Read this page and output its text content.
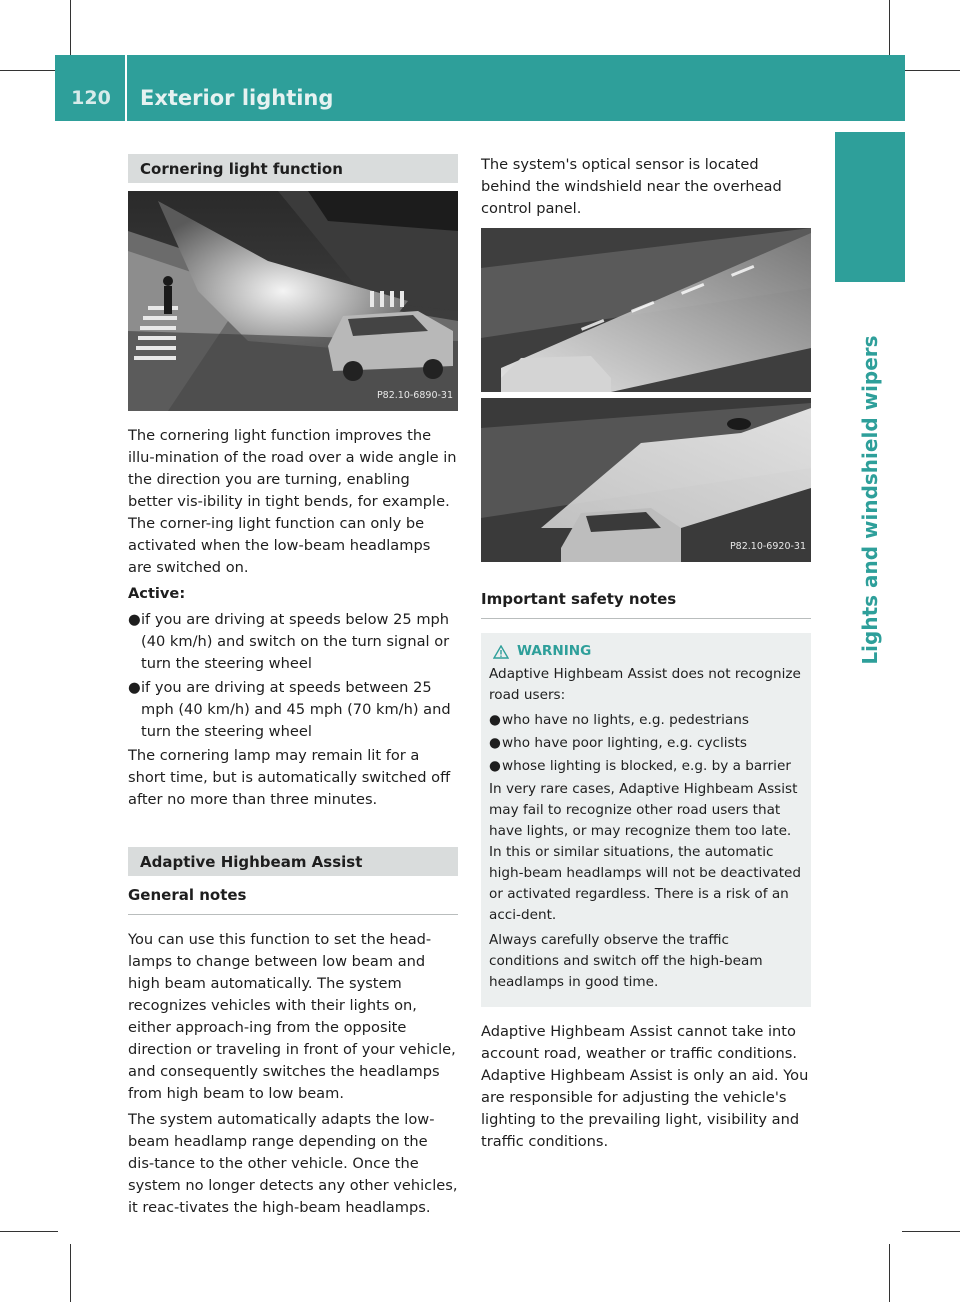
120	Exterior lighting
Lights and windshield wipers
Cornering light function
P82.10-6890-31

The cornering light function improves the illu-mination of the road over a wide angle in the direction you are turning, enabling better vis-ibility in tight bends, for example. The corner-ing light function can only be activated when the low-beam headlamps are switched on.

Active:

● if you are driving at speeds below 25 mph (40 km/h) and switch on the turn signal or turn the steering wheel
● if you are driving at speeds between 25 mph (40 km/h) and 45 mph (70 km/h) and turn the steering wheel

The cornering lamp may remain lit for a short time, but is automatically switched off after no more than three minutes.

Adaptive Highbeam Assist
General notes

You can use this function to set the head-lamps to change between low beam and high beam automatically. The system recognizes vehicles with their lights on, either approach-ing from the opposite direction or traveling in front of your vehicle, and consequently switches the headlamps from high beam to low beam.

The system automatically adapts the low-beam headlamp range depending on the dis-tance to the other vehicle. Once the system no longer detects any other vehicles, it reac-tivates the high-beam headlamps.

The system's optical sensor is located behind the windshield near the overhead control panel.

P82.10-6920-31
Important safety notes
WARNING

Adaptive Highbeam Assist does not recognize road users:

● who have no lights, e.g. pedestrians
● who have poor lighting, e.g. cyclists
● whose lighting is blocked, e.g. by a barrier

In very rare cases, Adaptive Highbeam Assist may fail to recognize other road users that have lights, or may recognize them too late. In this or similar situations, the automatic high-beam headlamps will not be deactivated or activated regardless. There is a risk of an acci-dent.

Always carefully observe the traffic conditions and switch off the high-beam headlamps in good time.

Adaptive Highbeam Assist cannot take into account road, weather or traffic conditions. Adaptive Highbeam Assist is only an aid. You are responsible for adjusting the vehicle's lighting to the prevailing light, visibility and traffic conditions.
